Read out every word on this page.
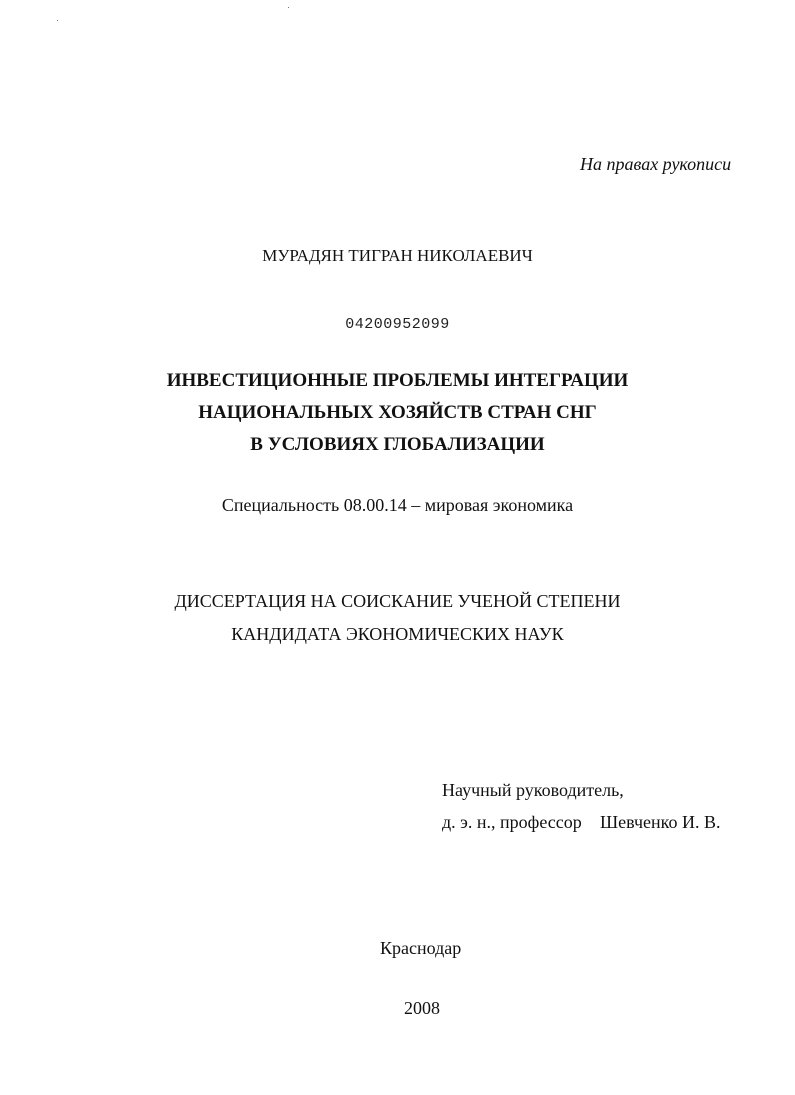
На правах рукописи
МУРАДЯН ТИГРАН НИКОЛАЕВИЧ
04200952099
ИНВЕСТИЦИОННЫЕ ПРОБЛЕМЫ ИНТЕГРАЦИИ
НАЦИОНАЛЬНЫХ ХОЗЯЙСТВ СТРАН СНГ
В УСЛОВИЯХ ГЛОБАЛИЗАЦИИ
Специальность 08.00.14 – мировая экономика
ДИССЕРТАЦИЯ НА СОИСКАНИЕ УЧЕНОЙ СТЕПЕНИ
КАНДИДАТА ЭКОНОМИЧЕСКИХ НАУК
Научный руководитель,
д. э. н., профессор Шевченко И. В.
Краснодар
2008
